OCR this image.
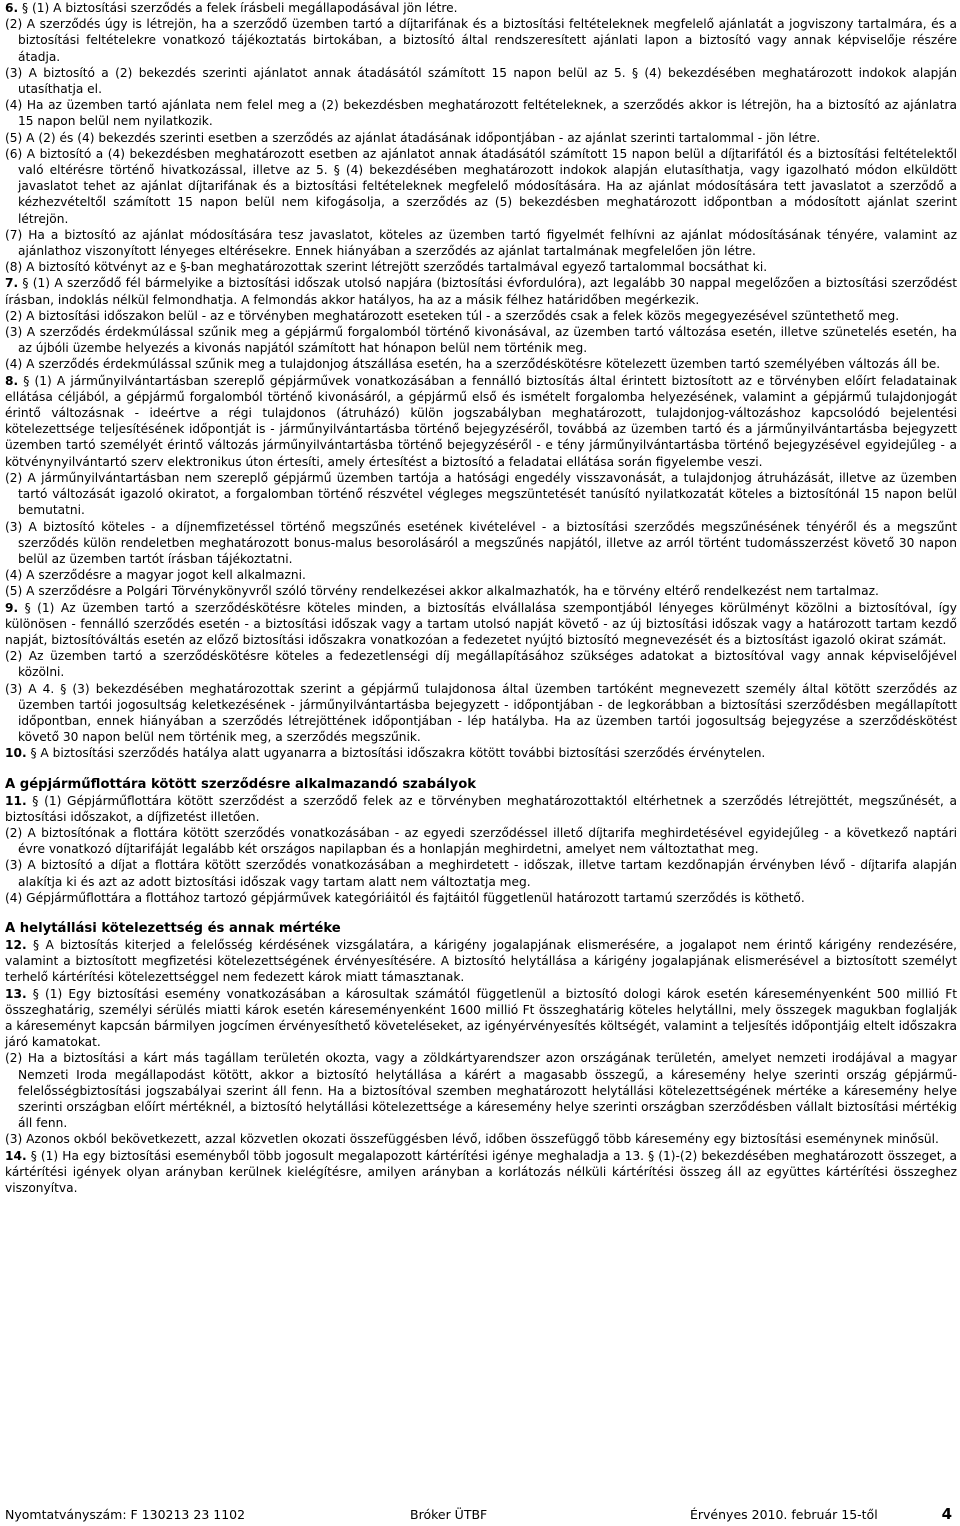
6. § (1) A biztosítási szerződés a felek írásbeli megállapodásával jön létre.
(2) A szerződés úgy is létrejön, ha a szerződő üzemben tartó a díjtarifának és a biztosítási feltételeknek megfelelő ajánlatát a jogviszony tartalmára, és a biztosítási feltételekre vonatkozó tájékoztatás birtokában, a biztosító által rendszeresített ajánlati lapon a biztosító vagy annak képviselője részére átadja.
(3) A biztosító a (2) bekezdés szerinti ajánlatot annak átadásától számított 15 napon belül az 5. § (4) bekezdésében meghatározott indokok alapján utasíthatja el.
(4) Ha az üzemben tartó ajánlata nem felel meg a (2) bekezdésben meghatározott feltételeknek, a szerződés akkor is létrejön, ha a biztosító az ajánlatra 15 napon belül nem nyilatkozik.
(5) A (2) és (4) bekezdés szerinti esetben a szerződés az ajánlat átadásának időpontjában - az ajánlat szerinti tartalommal - jön létre.
(6) A biztosító a (4) bekezdésben meghatározott esetben az ajánlatot annak átadásától számított 15 napon belül a díjtarifától és a biztosítási feltételektől való eltérésre történő hivatkozással, illetve az 5. § (4) bekezdésében meghatározott indokok alapján elutasíthatja, vagy igazolható módon elküldött javaslatot tehet az ajánlat díjtarifának és a biztosítási feltételeknek megfelelő módosítására. Ha az ajánlat módosítására tett javaslatot a szerződő a kézhezvételtől számított 15 napon belül nem kifogásolja, a szerződés az (5) bekezdésben meghatározott időpontban a módosított ajánlat szerint létrejön.
(7) Ha a biztosító az ajánlat módosítására tesz javaslatot, köteles az üzemben tartó figyelmét felhívni az ajánlat módosításának tényére, valamint az ajánlathoz viszonyított lényeges eltérésekre. Ennek hiányában a szerződés az ajánlat tartalmának megfelelően jön létre.
(8) A biztosító kötvényt az e §-ban meghatározottak szerint létrejött szerződés tartalmával egyező tartalommal bocsáthat ki.
7. § (1) A szerződő fél bármelyike a biztosítási időszak utolsó napjára (biztosítási évfordulóra), azt legalább 30 nappal megelőzően a biztosítási szerződést írásban, indoklás nélkül felmondhatja. A felmondás akkor hatályos, ha az a másik félhez határidőben megérkezik.
(2) A biztosítási időszakon belül - az e törvényben meghatározott eseteken túl - a szerződés csak a felek közös megegyezésével szüntethető meg.
(3) A szerződés érdekmúlással szűnik meg a gépjármű forgalomból történő kivonásával, az üzemben tartó változása esetén, illetve szünetelés esetén, ha az újbóli üzembe helyezés a kivonás napjától számított hat hónapon belül nem történik meg.
(4) A szerződés érdekmúlással szűnik meg a tulajdonjog átszállása esetén, ha a szerződéskötésre kötelezett üzemben tartó személyében változás áll be.
8. § (1) A járműnyilvántartásban szereplő gépjárművek vonatkozásában a fennálló biztosítás által érintett biztosított az e törvényben előírt feladatainak ellátása céljából, a gépjármű forgalomból történő kivonásáról, a gépjármű első és ismételt forgalomba helyezésének, valamint a gépjármű tulajdonjogát érintő változásnak - ideértve a régi tulajdonos (átruházó) külön jogszabályban meghatározott, tulajdonjog-változáshoz kapcsolódó bejelentési kötelezettsége teljesítésének időpontját is - járműnyilvántartásba történő bejegyzéséről, továbbá az üzemben tartó és a járműnyilvántartásba bejegyzett üzemben tartó személyét érintő változás járműnyilvántartásba történő bejegyzéséről - e tény járműnyilvántartásba történő bejegyzésével egyidejűleg - a kötvénynyilvántartó szerv elektronikus úton értesíti, amely értesítést a biztosító a feladatai ellátása során figyelembe veszi.
(2) A járműnyilvántartásban nem szereplő gépjármű üzemben tartója a hatósági engedély visszavonását, a tulajdonjog átruházását, illetve az üzemben tartó változását igazoló okiratot, a forgalomban történő részvétel végleges megszüntetését tanúsító nyilatkozatát köteles a biztosítónál 15 napon belül bemutatni.
(3) A biztosító köteles - a díjnemfizetéssel történő megszűnés esetének kivételével - a biztosítási szerződés megszűnésének tényéről és a megszűnt szerződés külön rendeletben meghatározott bonus-malus besorolásáról a megszűnés napjától, illetve az arról történt tudomásszerzést követő 30 napon belül az üzemben tartót írásban tájékoztatni.
(4) A szerződésre a magyar jogot kell alkalmazni.
(5) A szerződésre a Polgári Törvénykönyvről szóló törvény rendelkezései akkor alkalmazhatók, ha e törvény eltérő rendelkezést nem tartalmaz.
9. § (1) Az üzemben tartó a szerződéskötésre köteles minden, a biztosítás elvállalása szempontjából lényeges körülményt közölni a biztosítóval, így különösen - fennálló szerződés esetén - a biztosítási időszak vagy a tartam utolsó napját követő - az új biztosítási időszak vagy a határozott tartam kezdő napját, biztosítóváltás esetén az előző biztosítási időszakra vonatkozóan a fedezetet nyújtó biztosító megnevezését és a biztosítást igazoló okirat számát.
(2) Az üzemben tartó a szerződéskötésre köteles a fedezetlenségi díj megállapításához szükséges adatokat a biztosítóval vagy annak képviselőjével közölni.
(3) A 4. § (3) bekezdésében meghatározottak szerint a gépjármű tulajdonosa által üzemben tartóként megnevezett személy által kötött szerződés az üzemben tartói jogosultság keletkezésének - járműnyilvántartásba bejegyzett - időpontjában - de legkorábban a biztosítási szerződésben megállapított időpontban, ennek hiányában a szerződés létrejöttének időpontjában - lép hatályba. Ha az üzemben tartói jogosultság bejegyzése a szerződéskötést követő 30 napon belül nem történik meg, a szerződés megszűnik.
10. § A biztosítási szerződés hatálya alatt ugyanarra a biztosítási időszakra kötött további biztosítási szerződés érvénytelen.
A gépjárműflottára kötött szerződésre alkalmazandó szabályok
11. § (1) Gépjárműflottára kötött szerződést a szerződő felek az e törvényben meghatározottaktól eltérhetnek a szerződés létrejöttét, megszűnését, a biztosítási időszakot, a díjfizetést illetően.
(2) A biztosítónak a flottára kötött szerződés vonatkozásában - az egyedi szerződéssel illető díjtarifa meghirdetésével egyidejűleg - a következő naptári évre vonatkozó díjtarifáját legalább két országos napilapban és a honlapján meghirdetni, amelyet nem változtathat meg.
(3) A biztosító a díjat a flottára kötött szerződés vonatkozásában a meghirdetett - időszak, illetve tartam kezdőnapján érvényben lévő - díjtarifa alapján alakítja ki és azt az adott biztosítási időszak vagy tartam alatt nem változtatja meg.
(4) Gépjárműflottára a flottához tartozó gépjárművek kategóriáitól és fajtáitól függetlenül határozott tartamú szerződés is köthető.
A helytállási kötelezettség és annak mértéke
12. § A biztosítás kiterjed a felelősség kérdésének vizsgálatára, a kárigény jogalapjának elismerésére, a jogalapot nem érintő kárigény rendezésére, valamint a biztosított megfizetési kötelezettségének érvényesítésére. A biztosító helytállása a kárigény jogalapjának elismerésével a biztosított személyt terhelő kártérítési kötelezettséggel nem fedezett károk miatt támasztanak.
13. § (1) Egy biztosítási esemény vonatkozásában a károsultak számától függetlenül a biztosító dologi károk esetén káreseményenként 500 millió Ft összeghatárig, személyi sérülés miatti károk esetén káreseményenként 1600 millió Ft összeghatárig köteles helytállni, mely összegek magukban foglalják a káreseményt kapcsán bármilyen jogcímen érvényesíthető követeléseket, az igényérvényesítés költségét, valamint a teljesítés időpontjáig eltelt időszakra járó kamatokat.
(2) Ha a biztosítási a kárt más tagállam területén okozta, vagy a zöldkártyarendszer azon országának területén, amelyet nemzeti irodájával a magyar Nemzeti Iroda megállapodást kötött, akkor a biztosító helytállása a kárért a magasabb összegű, a káresemény helye szerinti ország gépjármű-felelősségbiztosítási jogszabályai szerint áll fenn. Ha a biztosítóval szemben meghatározott helytállási kötelezettségének mértéke a káresemény helye szerinti országban előírt mértéknél, a biztosító helytállási kötelezettsége a káresemény helye szerinti országban szerződésben vállalt biztosítási mértékig áll fenn.
(3) Azonos okból bekövetkezett, azzal közvetlen okozati összefüggésben lévő, időben összefüggő több káresemény egy biztosítási eseménynek minősül.
14. § (1) Ha egy biztosítási eseményből több jogosult megalapozott kártérítési igénye meghaladja a 13. § (1)-(2) bekezdésében meghatározott összeget, a kártérítési igények olyan arányban kerülnek kielégítésre, amilyen arányban a korlátozás nélküli kártérítési összeg áll az együttes kártérítési összeghez viszonyítva.
Nyomtatványszám: F 130213 23 1102	Bróker ÜTBF	Érvényes 2010. február 15-től	4
